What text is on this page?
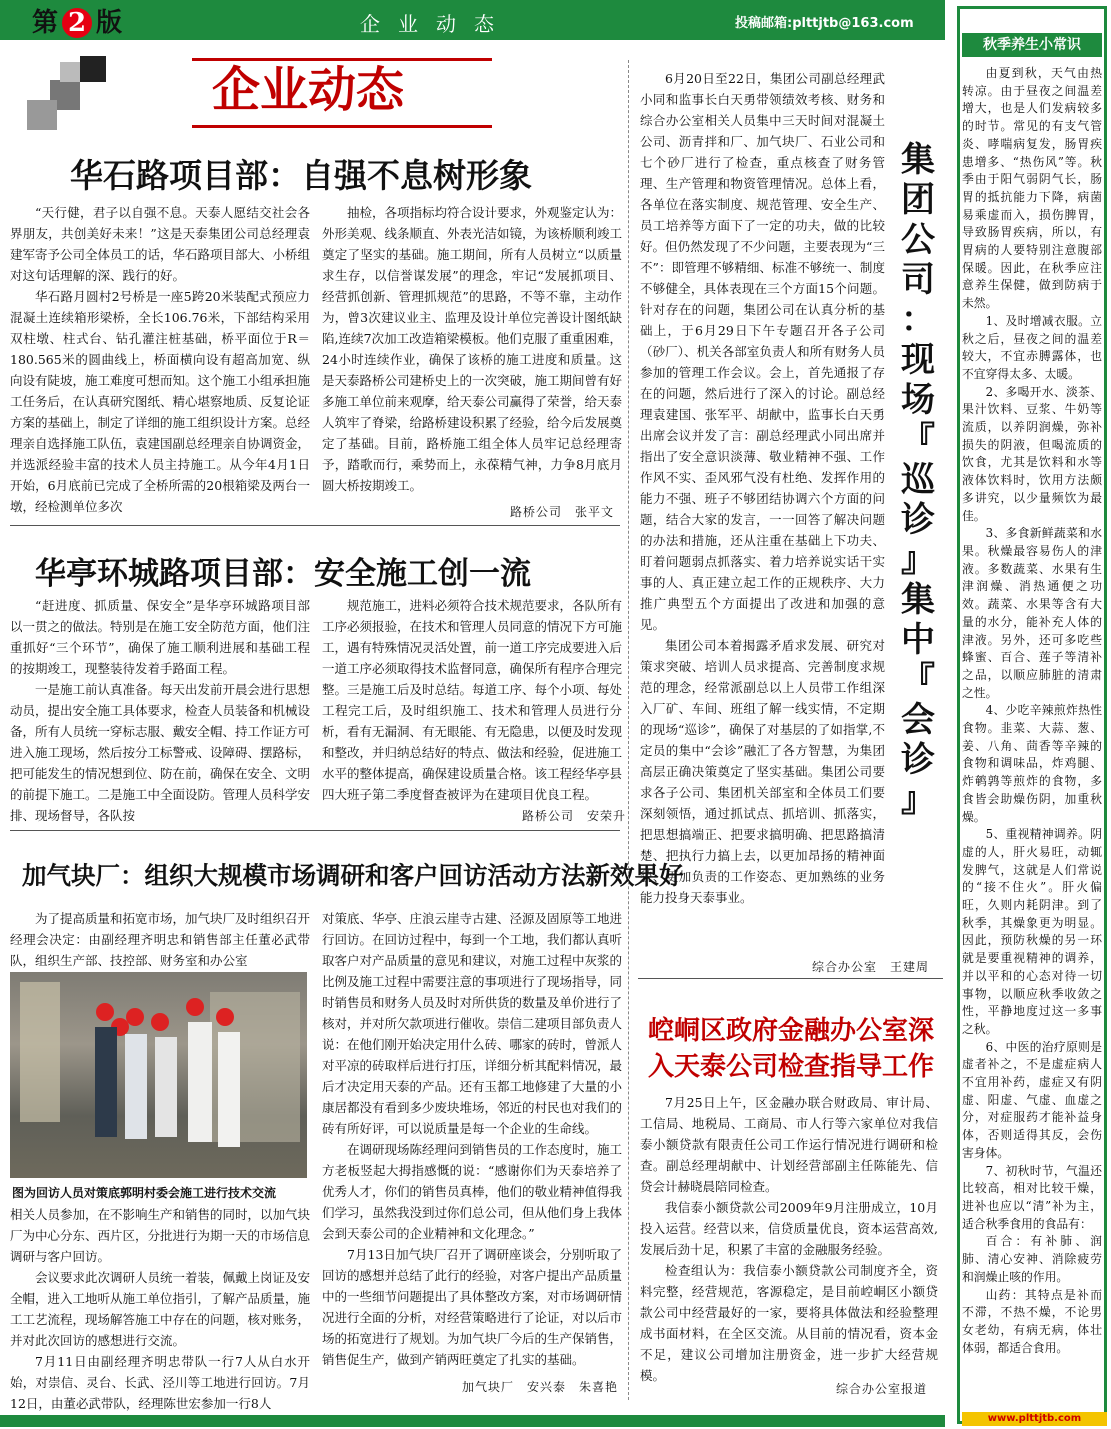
第 2 版	企业动态	投稿邮箱:plttjtb@163.com
企业动态
华石路项目部：自强不息树形象

“天行健，君子以自强不息。天泰人愿结交社会各界朋友，共创美好未来！”这是天泰集团公司总经理袁建军寄予公司全体员工的话，华石路项目部大、小桥组对这句话理解的深、践行的好。

华石路月圆村2号桥是一座5跨20米装配式预应力混凝土连续箱形梁桥，全长106.76米，下部结构采用双柱墩、柱式台、钻孔灌注桩基础，桥平面位于R＝180.565米的圆曲线上，桥面横向设有超高加宽、纵向设有陡坡，施工难度可想而知。这个施工小组承担施工任务后，在认真研究图纸、精心堪察地质、反复论证方案的基础上，制定了详细的施工组织设计方案。总经理亲自选择施工队伍，袁建国副总经理亲自协调资金，并选派经验丰富的技术人员主持施工。从今年4月1日开始，6月底前已完成了全桥所需的20根箱梁及两台一墩，经检测单位多次

抽检，各项指标均符合设计要求，外观鉴定认为：外形美观、线条顺直、外表光洁如镜，为该桥顺利竣工奠定了坚实的基础。施工期间，所有人员树立“以质量求生存，以信誉谋发展”的理念，牢记“发展抓项目、经营抓创新、管理抓规范”的思路，不等不靠，主动作为，曾3次建议业主、监理及设计单位完善设计图纸缺陷,连续7次加工改造箱梁模板。他们克服了重重困难，24小时连续作业，确保了该桥的施工进度和质量。这是天泰路桥公司建桥史上的一次突破，施工期间曾有好多施工单位前来观摩，给天泰公司赢得了荣誉，给天泰人筑牢了脊梁，给路桥建设积累了经验，给今后发展奠定了基础。目前，路桥施工组全体人员牢记总经理寄予，踏歌而行，乘势而上，永葆精气神，力争8月底月圆大桥按期竣工。

路桥公司　张平文
华亭环城路项目部：安全施工创一流

“赶进度、抓质量、保安全”是华亭环城路项目部以一贯之的做法。特别是在施工安全防范方面，他们注重抓好“三个环节”，确保了施工顺利进展和基础工程的按期竣工，现整装待发着手路面工程。

一是施工前认真准备。每天出发前开晨会进行思想动员，提出安全施工具体要求，检查人员装备和机械设备，所有人员统一穿标志服、戴安全帽、持工作证方可进入施工现场，然后按分工标警戒、设障碍、摆路标，把可能发生的情况想到位、防在前，确保在安全、文明的前提下施工。二是施工中全面设防。管理人员科学安排、现场督导，各队按

规范施工，进料必须符合技术规范要求，各队所有工序必须报验，在技术和管理人员同意的情况下方可施工，遇有特殊情况灵活处置，前一道工序完成要进入后一道工序必须取得技术监督同意，确保所有程序合理完整。三是施工后及时总结。每道工序、每个小项、每处工程完工后，及时组织施工、技术和管理人员进行分析，看有无漏洞、有无眼能、有无隐患，以便及时发现和整改，并归纳总结好的特点、做法和经验，促进施工水平的整体提高，确保建设质量合格。该工程经华亭县四大班子第二季度督查被评为在建项目优良工程。

路桥公司　安荣升
加气块厂：组织大规模市场调研和客户回访活动方法新效果好

为了提高质量和拓宽市场，加气块厂及时组织召开经理会决定：由副经理齐明忠和销售部主任董必武带队，组织生产部、技控部、财务室和办公室

图为回访人员对策底郭明村委会施工进行技术交流

相关人员参加，在不影响生产和销售的同时，以加气块厂为中心分东、西片区，分批进行为期一天的市场信息调研与客户回访。

会议要求此次调研人员统一着装，佩戴上岗证及安全帽，进入工地听从施工单位指引，了解产品质量，施工工艺流程，现场解答施工中存在的问题，核对账务，并对此次回访的感想进行交流。

7月11日由副经理齐明忠带队一行7人从白水开始，对崇信、灵台、长武、泾川等工地进行回访。7月12日，由董必武带队，经理陈世宏参加一行8人

对策底、华亭、庄浪云崖寺古建、泾源及固原等工地进行回访。在回访过程中，每到一个工地，我们都认真听取客户对产品质量的意见和建议，对施工过程中灰浆的比例及施工过程中需要注意的事项进行了现场指导，同时销售员和财务人员及时对所供货的数量及单价进行了核对，并对所欠款项进行催收。崇信二建项目部负责人说：在他们刚开始决定用什么砖、哪家的砖时，曾派人对平凉的砖取样后进行打压，详细分析其配料情况，最后才决定用天泰的产品。还有玉都工地修建了大量的小康居都没有看到多少废块堆场，邻近的村民也对我们的砖有所好评，可以说质量是每一个企业的生命线。

在调研现场陈经理问到销售员的工作态度时，施工方老板竖起大拇指感慨的说：“感谢你们为天泰培养了优秀人才，你们的销售员真棒，他们的敬业精神值得我们学习，虽然我没到过你们总公司，但从他们身上我体会到天泰公司的企业精神和文化理念。”

7月13日加气块厂召开了调研座谈会，分别听取了回访的感想并总结了此行的经验，对客户提出产品质量中的一些细节问题提出了具体整改方案，对市场调研情况进行全面的分析，对经营策略进行了论证，对以后市场的拓宽进行了规划。为加气块厂今后的生产保销售，销售促生产，做到产销两旺奠定了扎实的基础。

加气块厂　安兴泰　朱喜艳

6月20日至22日，集团公司副总经理武小同和监事长白天勇带领绩效考核、财务和综合办公室相关人员集中三天时间对混凝土公司、沥青拌和厂、加气块厂、石业公司和七个砂厂进行了检查，重点核查了财务管理、生产管理和物资管理情况。总体上看，各单位在落实制度、规范管理、安全生产、员工培养等方面下了一定的功夫，做的比较好。但仍然发现了不少问题，主要表现为“三不”：即管理不够精细、标准不够统一、制度不够健全，具体表现在三个方面15个问题。针对存在的问题，集团公司在认真分析的基础上，于6月29日下午专题召开各子公司（砂厂）、机关各部室负责人和所有财务人员参加的管理工作会议。会上，首先通报了存在的问题，然后进行了深入的讨论。副总经理袁建国、张军平、胡献中，监事长白天勇出席会议并发了言：副总经理武小同出席并指出了安全意识淡薄、敬业精神不强、工作作风不实、歪风邪气没有杜绝、发挥作用的能力不强、班子不够团结协调六个方面的问题，结合大家的发言，一一回答了解决问题的办法和措施，还从注重在基础上下功夫、盯着问题弱点抓落实、着力培养说实话干实事的人、真正建立起工作的正规秩序、大力推广典型五个方面提出了改进和加强的意见。

集团公司本着揭露矛盾求发展、研究对策求突破、培训人员求提高、完善制度求规范的理念，经常派副总以上人员带工作组深入厂矿、车间、班组了解一线实情，不定期的现场“巡诊”，确保了对基层的了如指掌,不定员的集中“会诊”融汇了各方智慧，为集团高层正确决策奠定了坚实基础。集团公司要求各子公司、集团机关部室和全体员工们要深刻领悟，通过抓试点、抓培训、抓落实，把思想搞端正、把要求搞明确、把思路搞清楚、把执行力搞上去，以更加昂扬的精神面貌、更加负责的工作姿态、更加熟练的业务能力投身天泰事业。

集
团
公
司
：
现
场
『
巡
诊
』
集
中
『
会
诊
』
综合办公室　王建周
崆峒区政府金融办公室深
入天泰公司检查指导工作

7月25日上午，区金融办联合财政局、审计局、工信局、地税局、工商局、市人行等六家单位对我信泰小额贷款有限责任公司工作运行情况进行调研和检查。副总经理胡献中、计划经营部副主任陈能先、信贷会计赫晓晨陪同检查。

我信泰小额贷款公司2009年9月注册成立，10月投入运营。经营以来，信贷质量优良，资本运营高效,发展后劲十足，积累了丰富的金融服务经验。

检查组认为：我信泰小额贷款公司制度齐全，资料完整，经营规范，客源稳定，是目前崆峒区小额贷款公司中经营最好的一家，要将具体做法和经验整理成书面材料，在全区交流。从目前的情况看，资本金不足，建议公司增加注册资金，进一步扩大经营规模。

综合办公室报道
秋季养生小常识

由夏到秋，天气由热转凉。由于昼夜之间温差增大，也是人们发病较多的时节。常见的有支气管炎、哮喘病复发，肠胃疾患增多、“热伤风”等。秋季由于阳气弱阴气长，肠胃的抵抗能力下降，病菌易乘虚而入，损伤脾胃，导致肠胃疾病，所以，有胃病的人要特别注意腹部保暖。因此，在秋季应注意养生保健，做到防病于未然。

1、及时增减衣服。立秋之后，昼夜之间的温差较大，不宜赤膊露体，也不宜穿得太多、太暖。

2、多喝开水、淡茶、果汁饮料、豆浆、牛奶等流质，以养阴润燥，弥补损失的阴液，但喝流质的饮食，尤其是饮料和水等液体饮料时，饮用方法颇多讲究，以少量频饮为最佳。

3、多食新鲜蔬菜和水果。秋燥最容易伤人的津液。多数蔬菜、水果有生津润燥、消热通便之功效。蔬菜、水果等含有大量的水分，能补充人体的津液。另外，还可多吃些蜂蜜、百合、莲子等清补之品，以顺应肺脏的清肃之性。

4、少吃辛辣煎炸热性食物。韭菜、大蒜、葱、姜、八角、茴香等辛辣的食物和调味品，炸鸡腿、炸鹌鹑等煎炸的食物，多食皆会助燥伤阴，加重秋燥。

5、重视精神调养。阴虚的人，肝火易旺，动辄发脾气，这就是人们常说的“接不住火”。肝火偏旺，久则内耗阴津。到了秋季，其燥象更为明显。因此，预防秋燥的另一环就是要重视精神的调养，并以平和的心态对待一切事物，以顺应秋季收敛之性，平静地度过这一多事之秋。

6、中医的治疗原则是虚者补之，不是虚症病人不宜用补药，虚症又有阴虚、阳虚、气虚、血虚之分，对症服药才能补益身体，否则适得其反，会伤害身体。

7、初秋时节，气温还比较高，相对比较干燥，进补也应以“清”补为主，适合秋季食用的食品有：

百合：有补肺、润肺、清心安神、消除疲劳和润燥止咳的作用。

山药：其特点是补而不滞，不热不燥，不论男女老幼，有病无病，体壮体弱，都适合食用。

www.plttjtb.com
